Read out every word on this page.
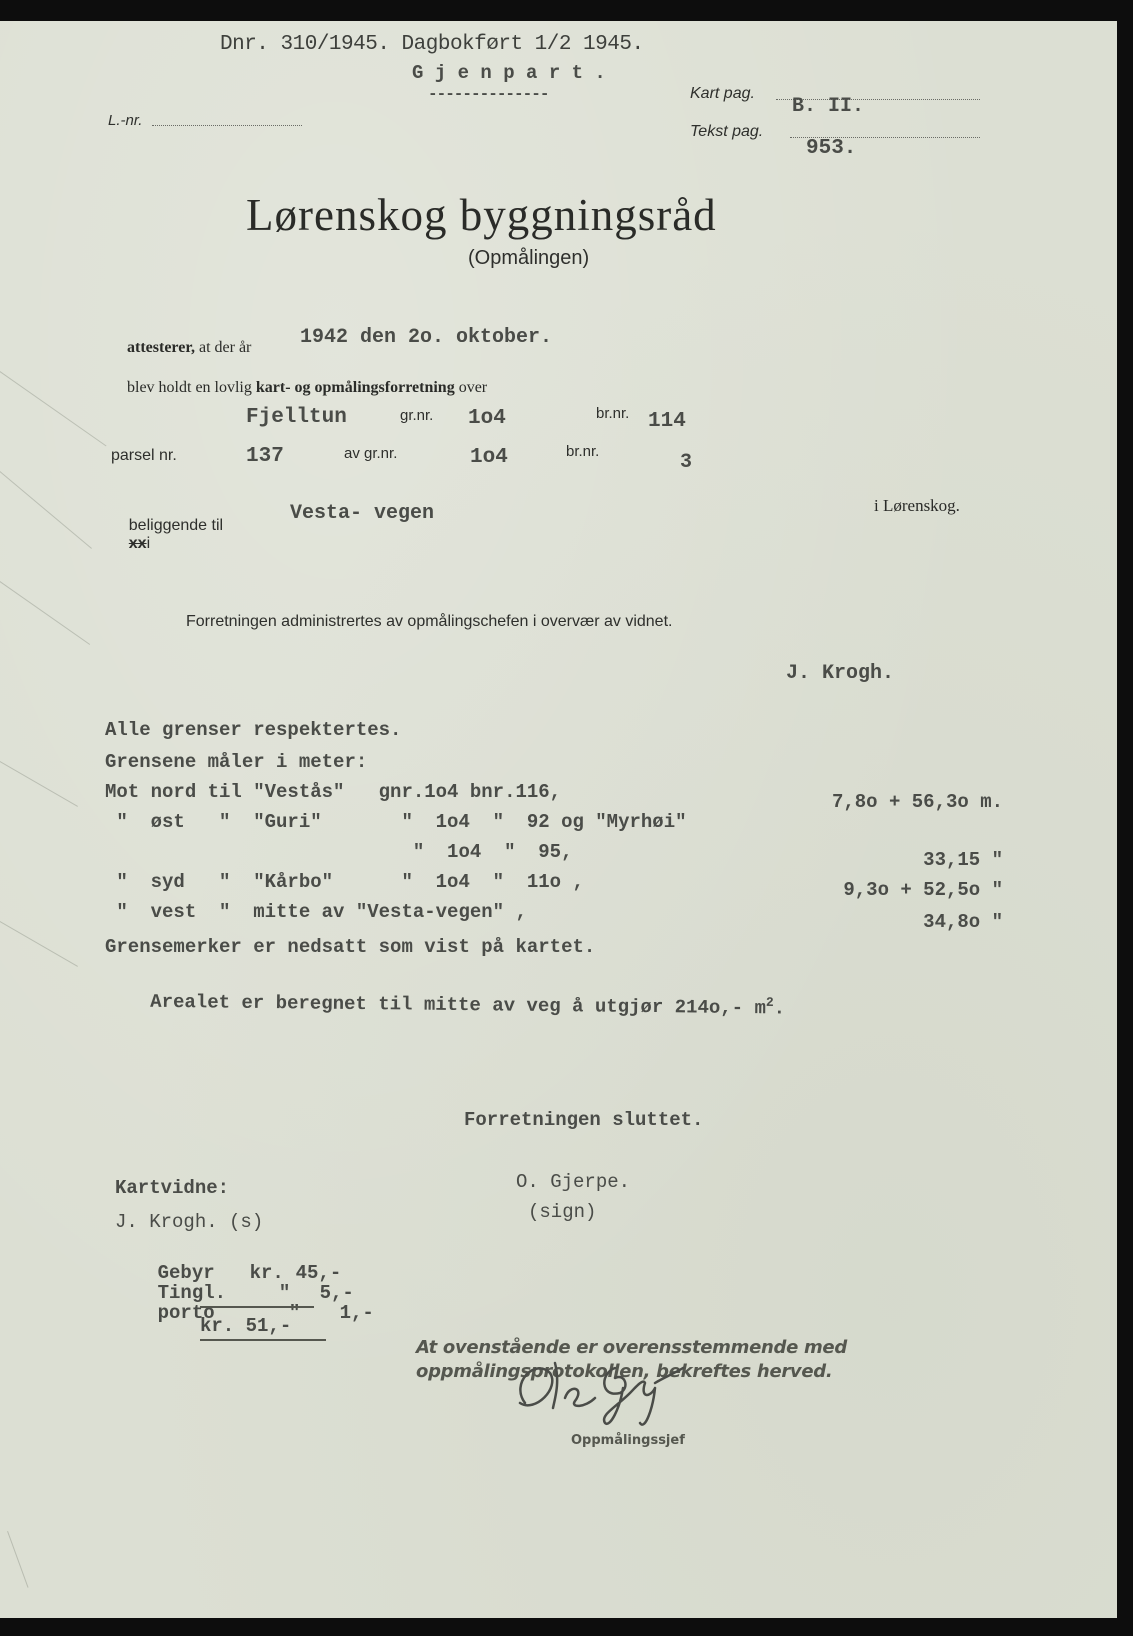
Dnr. 310/1945. Dagbokført 1/2 1945.
G j e n p a r t .
--------------
L.-nr.
Kart pag.
B. II.
Tekst pag.
953.
Lørenskog byggningsråd
(Opmålingen)

attesterer, at der år
1942 den 2o. oktober.

blev holdt en lovlig kart- og opmålingsforretning over

Fjelltun	gr.nr. 1o4	br.nr. 114
parsel nr.	137	av gr.nr.	1o4	br.nr.	3

beliggende til
xxi

Vesta- vegen	i Lørenskog.
Forretningen administrertes av opmålingschefen i overvær av vidnet.
J. Krogh.
Alle grenser respektertes.
Grensene måler i meter:
Mot nord til "Vestås"   gnr.1o4 bnr.116,	7,8o + 56,3o m.
"  øst   "  "Guri"       "  1o4  "  92 og "Myrhøi"
"  1o4  "  95,	33,15 "
"  syd   "  "Kårbo"      "  1o4  "  11o ,	9,3o + 52,5o "
"  vest  "  mitte av "Vesta-vegen" ,	34,8o "
Grensemerker er nedsatt som vist på kartet.

Arealet er beregnet til mitte av veg å utgjør 214o,- $m^2$.

Forretningen sluttet.
O. Gjerpe.
(sign)
Kartvidne:
J. Krogh. (s)

Gebyr kr. 45,-

Tingl.	" 5,-

porto	" 1,-

kr. 51,-
At ovenstående er overensstemmende med
oppmålingsprotokollen, bekreftes herved.
Oppmålingssjef
